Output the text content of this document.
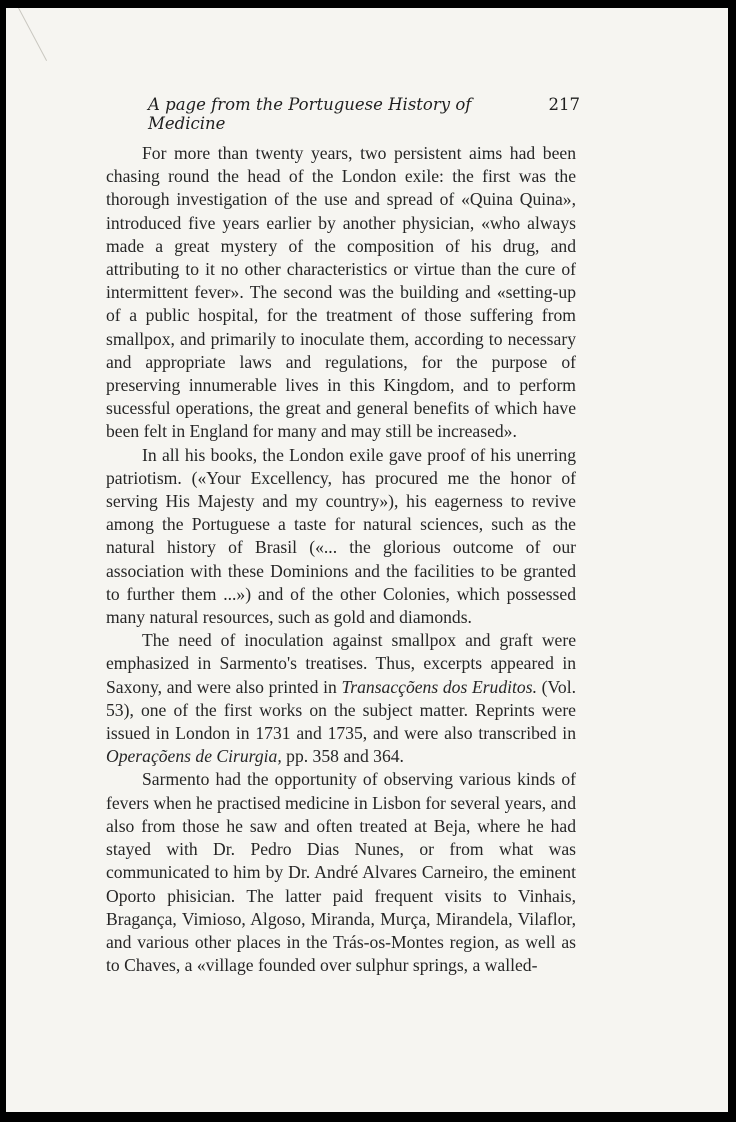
A page from the Portuguese History of Medicine
217

For more than twenty years, two persistent aims had been chasing round the head of the London exile: the first was the thorough investigation of the use and spread of «Quina Quina», introduced five years earlier by another physician, «who always made a great mystery of the composition of his drug, and attributing to it no other characteristics or virtue than the cure of intermittent fever». The second was the building and «setting-up of a public hospital, for the treatment of those suffering from smallpox, and primarily to inoculate them, according to necessary and appropriate laws and regulations, for the purpose of preserving innumerable lives in this Kingdom, and to perform sucessful operations, the great and general benefits of which have been felt in England for many and may still be increased».

In all his books, the London exile gave proof of his unerring patriotism. («Your Excellency, has procured me the honor of serving His Majesty and my country»), his eagerness to revive among the Portuguese a taste for natural sciences, such as the natural history of Brasil («... the glorious outcome of our association with these Dominions and the facilities to be granted to further them ...») and of the other Colonies, which possessed many natural resources, such as gold and diamonds.

The need of inoculation against smallpox and graft were emphasized in Sarmento's treatises. Thus, excerpts appeared in Saxony, and were also printed in Transacçõens dos Eruditos. (Vol. 53), one of the first works on the subject matter. Reprints were issued in London in 1731 and 1735, and were also transcribed in Operaçõens de Cirurgia, pp. 358 and 364.

Sarmento had the opportunity of observing various kinds of fevers when he practised medicine in Lisbon for several years, and also from those he saw and often treated at Beja, where he had stayed with Dr. Pedro Dias Nunes, or from what was communicated to him by Dr. André Alvares Carneiro, the eminent Oporto phisician. The latter paid frequent visits to Vinhais, Bragança, Vimioso, Algoso, Miranda, Murça, Mirandela, Vilaflor, and various other places in the Trás-os-Montes region, as well as to Chaves, a «village founded over sulphur springs, a walled-
